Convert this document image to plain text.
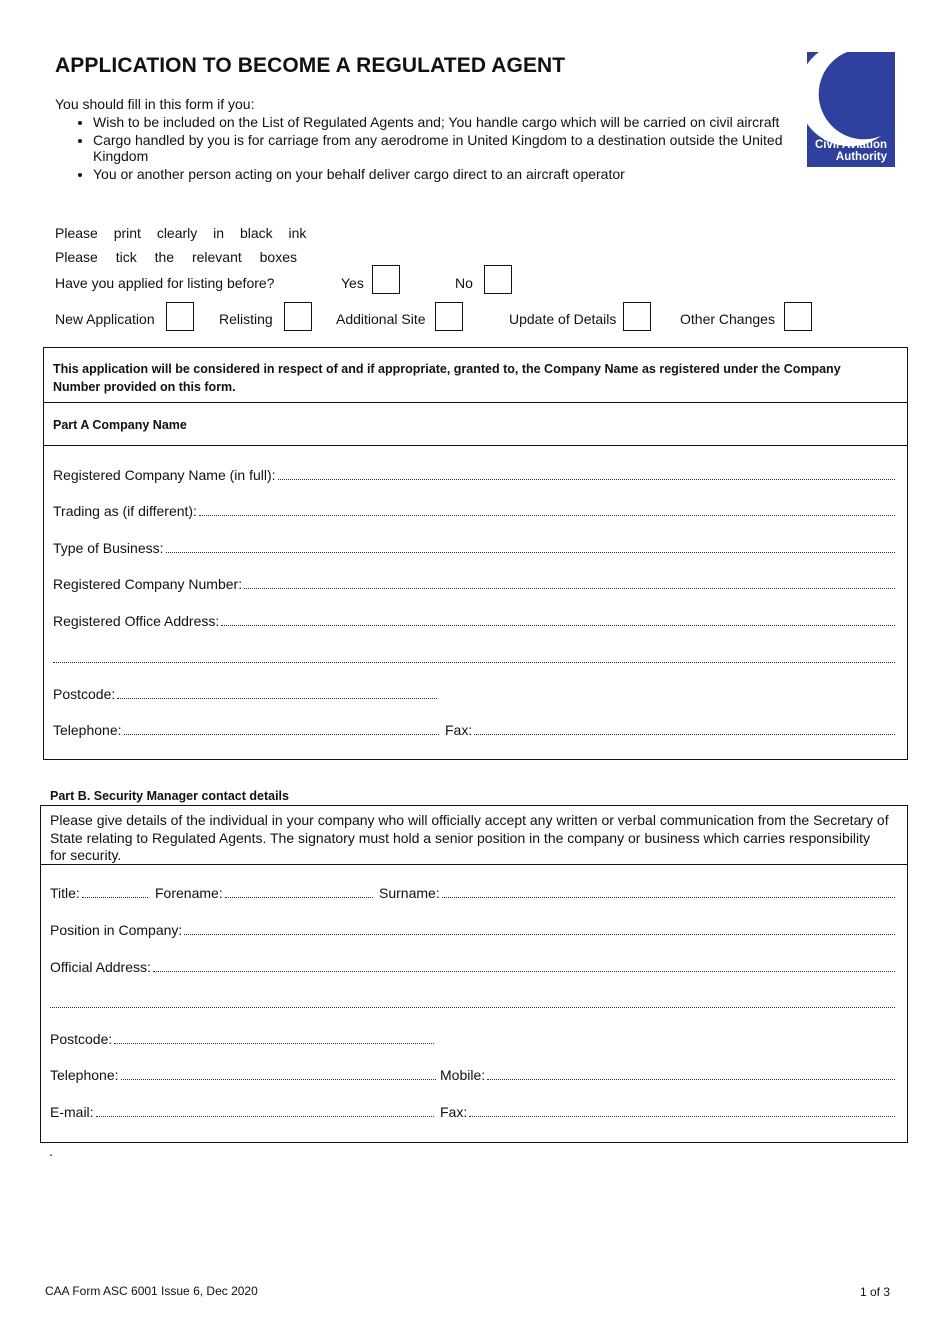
APPLICATION TO BECOME A REGULATED AGENT
Civil Aviation
Authority
You should fill in this form if you:
• Wish to be included on the List of Regulated Agents and; You handle cargo which will be carried on civil aircraft
• Cargo handled by you is for carriage from any aerodrome in United Kingdom to a destination outside the United Kingdom
• You or another person acting on your behalf deliver cargo direct to an aircraft operator
Please print clearly in black ink
Please tick the relevant boxes
Have you applied for listing before?	Yes	No
New Application	Relisting	Additional Site	Update of Details	Other Changes
This application will be considered in respect of and if appropriate, granted to, the Company Name as registered under the Company Number provided on this form.
Part A Company Name
Registered Company Name (in full):
Trading as (if different):
Type of Business:
Registered Company Number:
Registered Office Address:
Postcode:
Telephone:	Fax:
Part B. Security Manager contact details
Please give details of the individual in your company who will officially accept any written or verbal communication from the Secretary of State relating to Regulated Agents. The signatory must hold a senior position in the company or business which carries responsibility for security.
Title:	Forename:	Surname:
Position in Company:
Official Address:
Postcode:
Telephone:	Mobile:
E-mail:	Fax:
.
CAA Form ASC 6001 Issue 6, Dec 2020	1 of 3
